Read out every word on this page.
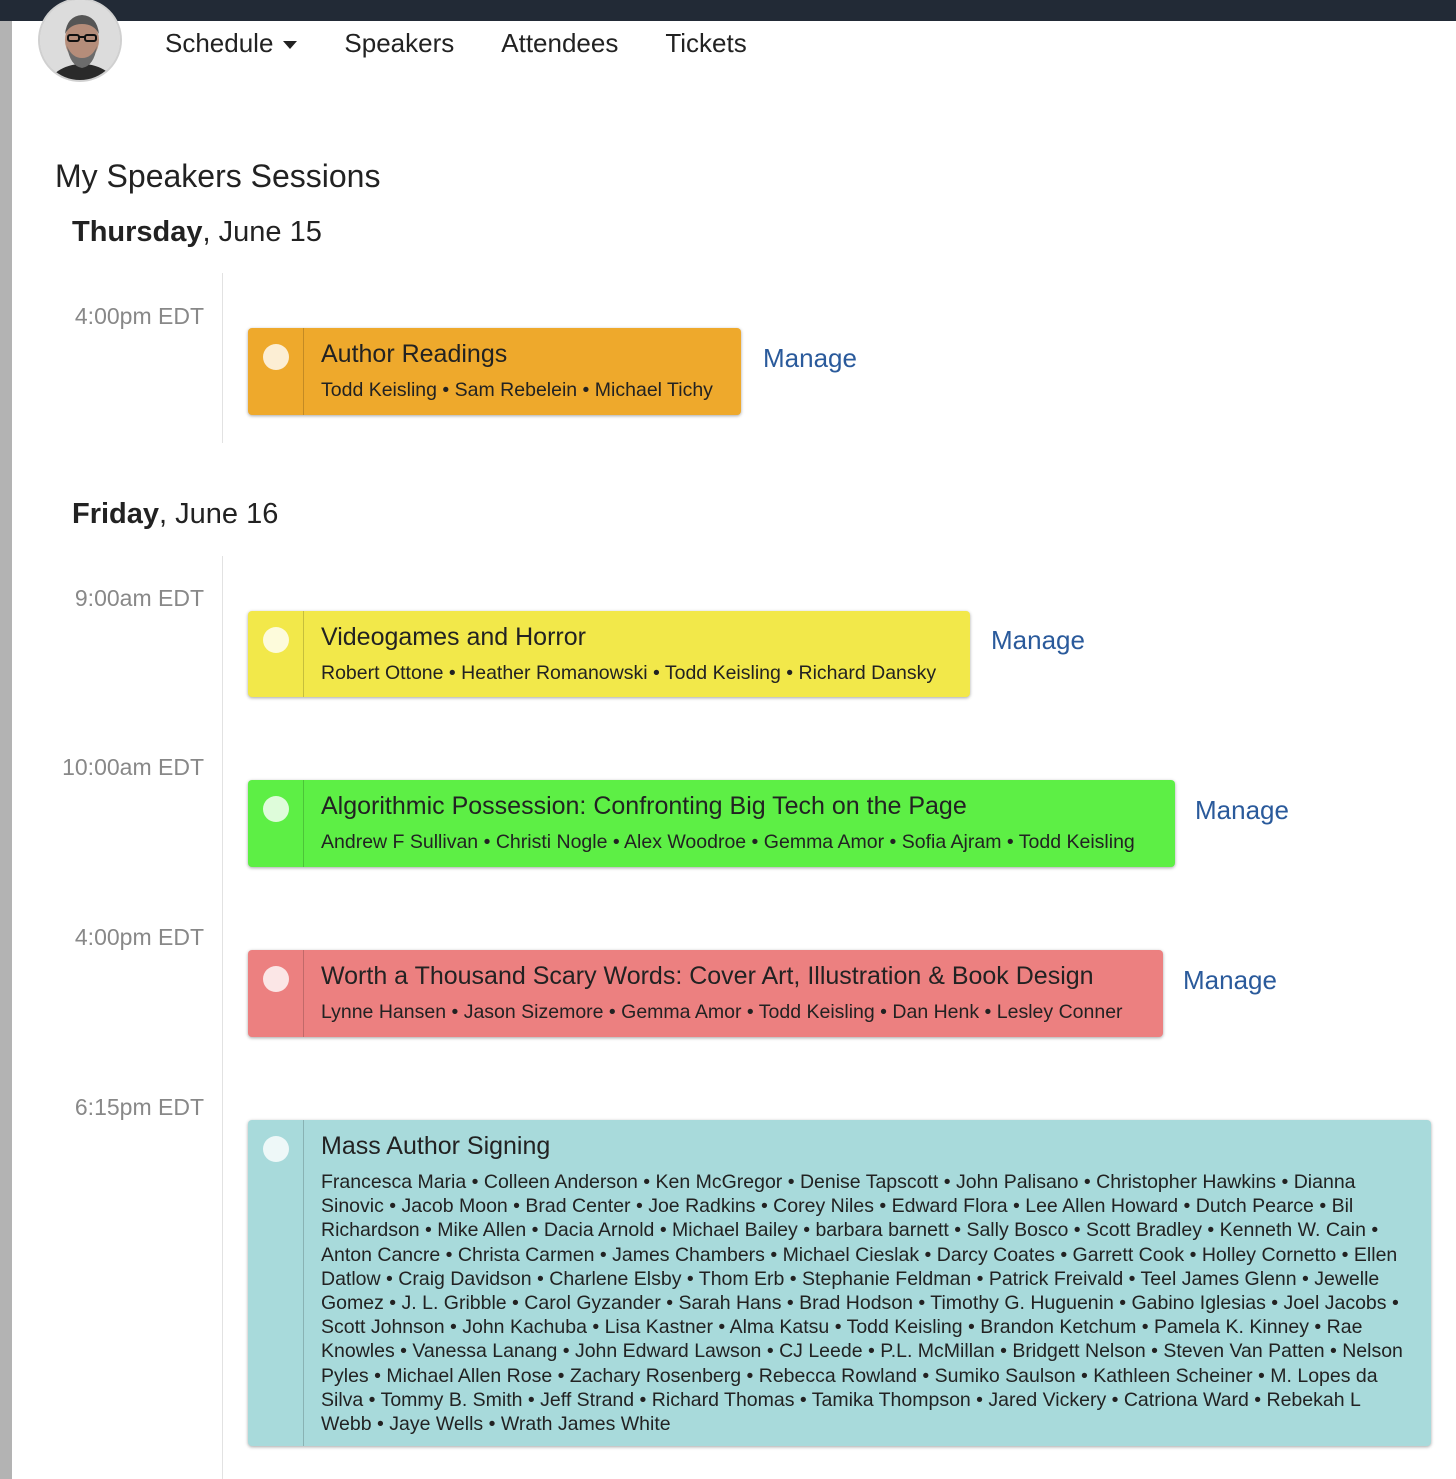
Schedule	Speakers Attendees Tickets
My Speakers Sessions
Thursday, June 15
4:00pm EDT
Author Readings
Todd Keisling • Sam Rebelein • Michael Tichy
Manage
Friday, June 16
9:00am EDT
Videogames and Horror
Robert Ottone • Heather Romanowski • Todd Keisling • Richard Dansky
Manage
10:00am EDT
Algorithmic Possession: Confronting Big Tech on the Page
Andrew F Sullivan • Christi Nogle • Alex Woodroe • Gemma Amor • Sofia Ajram • Todd Keisling
Manage
4:00pm EDT
Worth a Thousand Scary Words: Cover Art, Illustration & Book Design
Lynne Hansen • Jason Sizemore • Gemma Amor • Todd Keisling • Dan Henk • Lesley Conner
Manage
6:15pm EDT
Mass Author Signing
Francesca Maria • Colleen Anderson • Ken McGregor • Denise Tapscott • John Palisano • Christopher Hawkins • Dianna Sinovic • Jacob Moon • Brad Center • Joe Radkins • Corey Niles • Edward Flora • Lee Allen Howard • Dutch Pearce • Bil Richardson • Mike Allen • Dacia Arnold • Michael Bailey • barbara barnett • Sally Bosco • Scott Bradley • Kenneth W. Cain • Anton Cancre • Christa Carmen • James Chambers • Michael Cieslak • Darcy Coates • Garrett Cook • Holley Cornetto • Ellen Datlow • Craig Davidson • Charlene Elsby • Thom Erb • Stephanie Feldman • Patrick Freivald • Teel James Glenn • Jewelle Gomez • J. L. Gribble • Carol Gyzander • Sarah Hans • Brad Hodson • Timothy G. Huguenin • Gabino Iglesias • Joel Jacobs • Scott Johnson • John Kachuba • Lisa Kastner • Alma Katsu • Todd Keisling • Brandon Ketchum • Pamela K. Kinney • Rae Knowles • Vanessa Lanang • John Edward Lawson • CJ Leede • P.L. McMillan • Bridgett Nelson • Steven Van Patten • Nelson Pyles • Michael Allen Rose • Zachary Rosenberg • Rebecca Rowland • Sumiko Saulson • Kathleen Scheiner • M. Lopes da Silva • Tommy B. Smith • Jeff Strand • Richard Thomas • Tamika Thompson • Jared Vickery • Catriona Ward • Rebekah L Webb • Jaye Wells • Wrath James White
